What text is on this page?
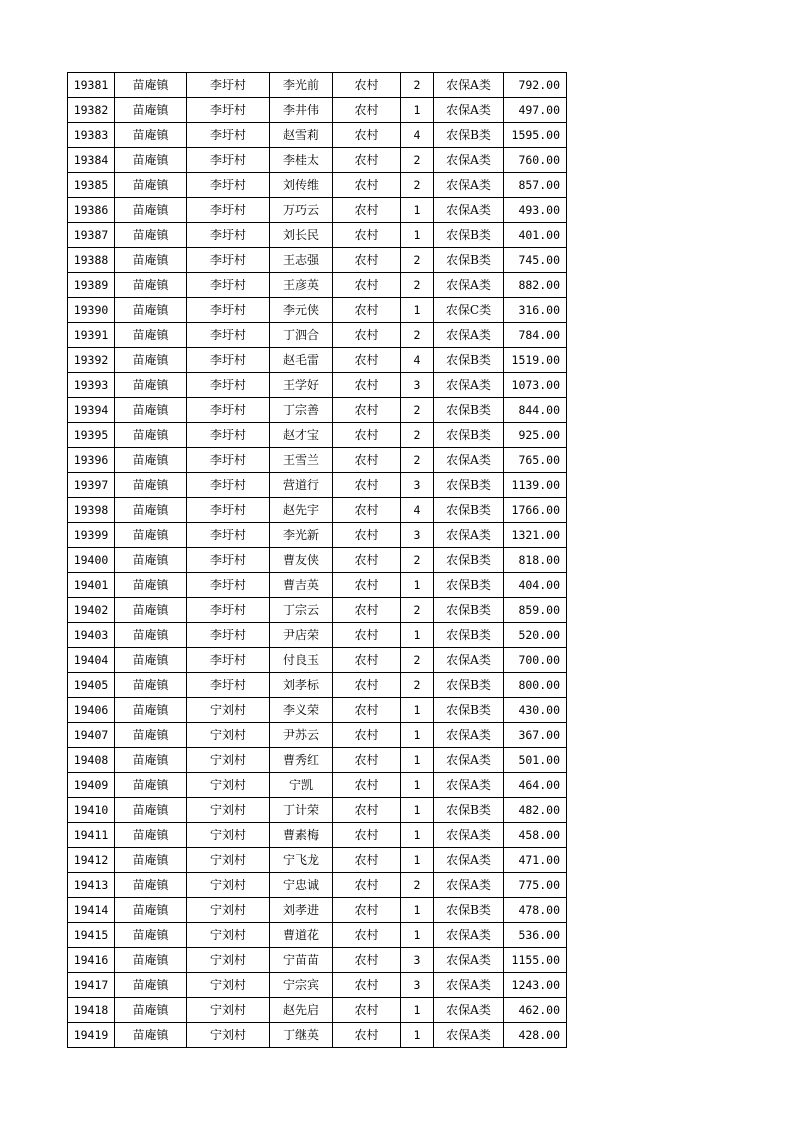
19381	苗庵镇	李圩村	李光前	农村	2	农保A类	792.00
19382	苗庵镇	李圩村	李井伟	农村	1	农保A类	497.00
19383	苗庵镇	李圩村	赵雪莉	农村	4	农保B类	1595.00
19384	苗庵镇	李圩村	李桂太	农村	2	农保A类	760.00
19385	苗庵镇	李圩村	刘传维	农村	2	农保A类	857.00
19386	苗庵镇	李圩村	万巧云	农村	1	农保A类	493.00
19387	苗庵镇	李圩村	刘长民	农村	1	农保B类	401.00
19388	苗庵镇	李圩村	王志强	农村	2	农保B类	745.00
19389	苗庵镇	李圩村	王彦英	农村	2	农保A类	882.00
19390	苗庵镇	李圩村	李元侠	农村	1	农保C类	316.00
19391	苗庵镇	李圩村	丁泗合	农村	2	农保A类	784.00
19392	苗庵镇	李圩村	赵毛雷	农村	4	农保B类	1519.00
19393	苗庵镇	李圩村	王学好	农村	3	农保A类	1073.00
19394	苗庵镇	李圩村	丁宗善	农村	2	农保B类	844.00
19395	苗庵镇	李圩村	赵才宝	农村	2	农保B类	925.00
19396	苗庵镇	李圩村	王雪兰	农村	2	农保A类	765.00
19397	苗庵镇	李圩村	营道行	农村	3	农保B类	1139.00
19398	苗庵镇	李圩村	赵先宇	农村	4	农保B类	1766.00
19399	苗庵镇	李圩村	李光新	农村	3	农保A类	1321.00
19400	苗庵镇	李圩村	曹友侠	农村	2	农保B类	818.00
19401	苗庵镇	李圩村	曹吉英	农村	1	农保B类	404.00
19402	苗庵镇	李圩村	丁宗云	农村	2	农保B类	859.00
19403	苗庵镇	李圩村	尹店荣	农村	1	农保B类	520.00
19404	苗庵镇	李圩村	付良玉	农村	2	农保A类	700.00
19405	苗庵镇	李圩村	刘孝标	农村	2	农保B类	800.00
19406	苗庵镇	宁刘村	李义荣	农村	1	农保B类	430.00
19407	苗庵镇	宁刘村	尹苏云	农村	1	农保A类	367.00
19408	苗庵镇	宁刘村	曹秀红	农村	1	农保A类	501.00
19409	苗庵镇	宁刘村	宁凯	农村	1	农保A类	464.00
19410	苗庵镇	宁刘村	丁计荣	农村	1	农保B类	482.00
19411	苗庵镇	宁刘村	曹素梅	农村	1	农保A类	458.00
19412	苗庵镇	宁刘村	宁飞龙	农村	1	农保A类	471.00
19413	苗庵镇	宁刘村	宁忠诚	农村	2	农保A类	775.00
19414	苗庵镇	宁刘村	刘孝进	农村	1	农保B类	478.00
19415	苗庵镇	宁刘村	曹道花	农村	1	农保A类	536.00
19416	苗庵镇	宁刘村	宁苗苗	农村	3	农保A类	1155.00
19417	苗庵镇	宁刘村	宁宗宾	农村	3	农保A类	1243.00
19418	苗庵镇	宁刘村	赵先启	农村	1	农保A类	462.00
19419	苗庵镇	宁刘村	丁继英	农村	1	农保A类	428.00
